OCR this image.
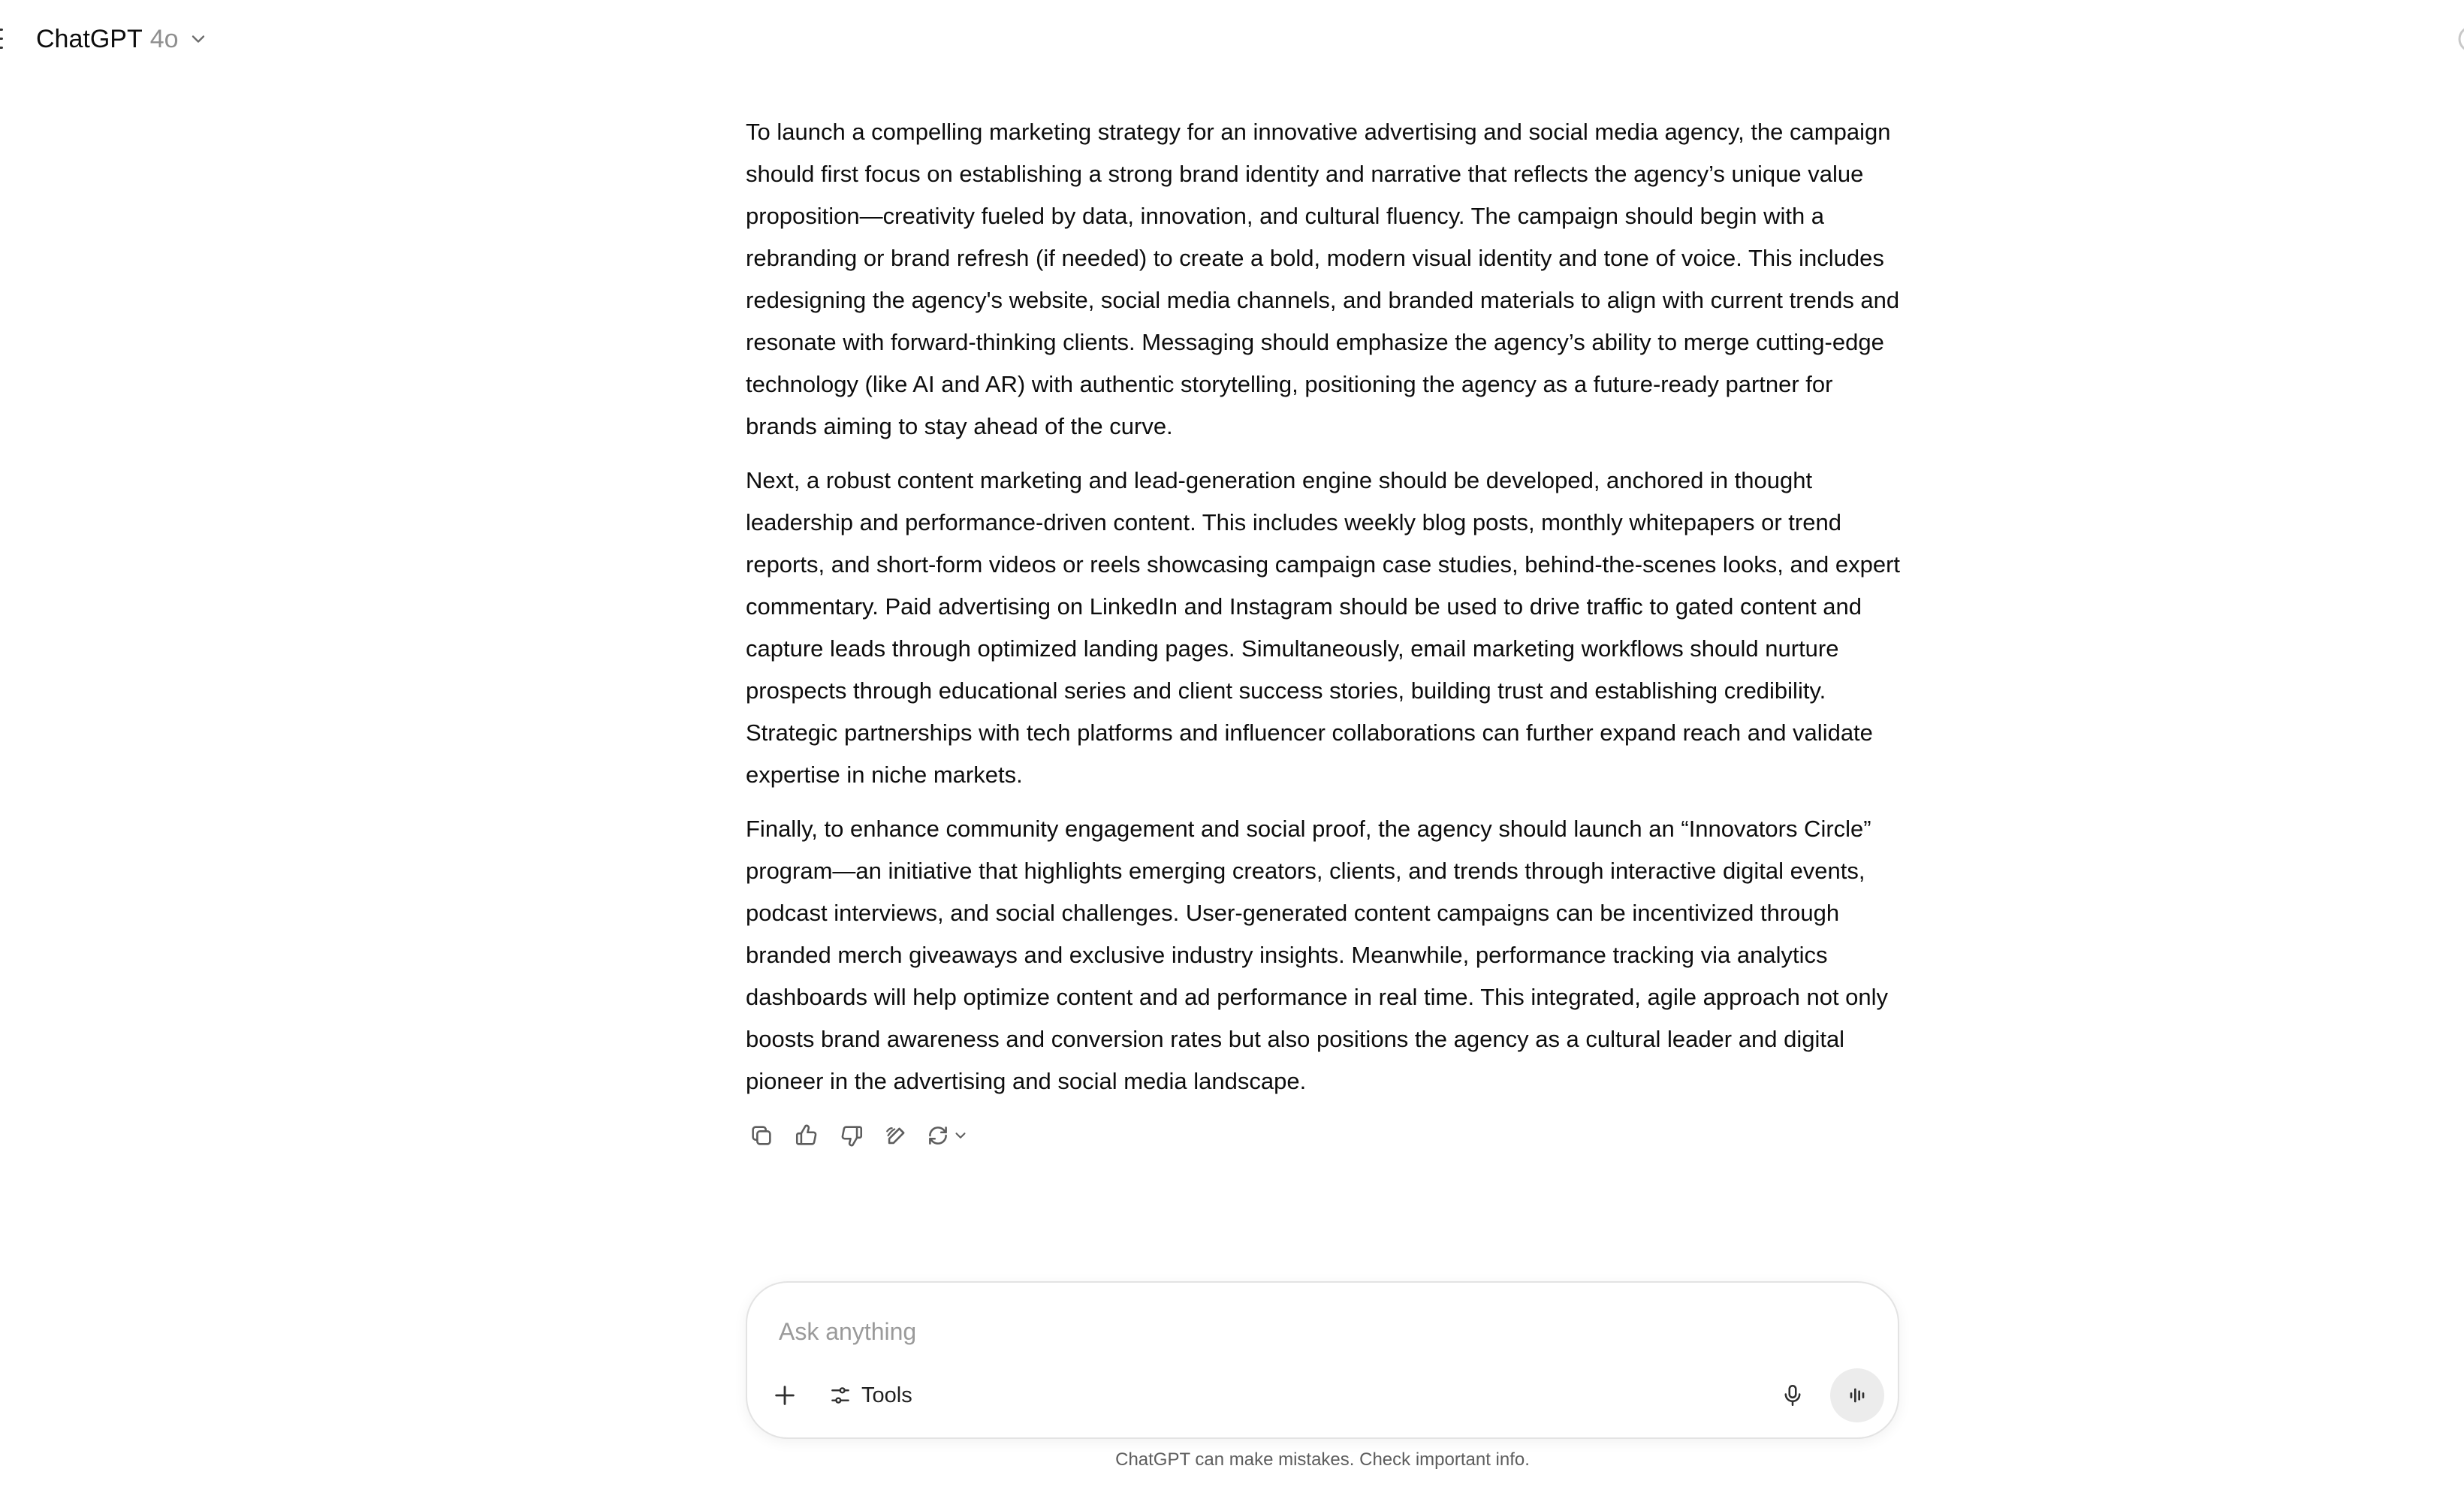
ChatGPT 4o

To launch a compelling marketing strategy for an innovative advertising and social media agency, the campaign should first focus on establishing a strong brand identity and narrative that reflects the agency’s unique value proposition—creativity fueled by data, innovation, and cultural fluency. The campaign should begin with a rebranding or brand refresh (if needed) to create a bold, modern visual identity and tone of voice. This includes redesigning the agency's website, social media channels, and branded materials to align with current trends and resonate with forward-thinking clients. Messaging should emphasize the agency’s ability to merge cutting-edge technology (like AI and AR) with authentic storytelling, positioning the agency as a future-ready partner for brands aiming to stay ahead of the curve.

Next, a robust content marketing and lead-generation engine should be developed, anchored in thought leadership and performance-driven content. This includes weekly blog posts, monthly whitepapers or trend reports, and short-form videos or reels showcasing campaign case studies, behind-the-scenes looks, and expert commentary. Paid advertising on LinkedIn and Instagram should be used to drive traffic to gated content and capture leads through optimized landing pages. Simultaneously, email marketing workflows should nurture prospects through educational series and client success stories, building trust and establishing credibility. Strategic partnerships with tech platforms and influencer collaborations can further expand reach and validate expertise in niche markets.

Finally, to enhance community engagement and social proof, the agency should launch an “Innovators Circle” program—an initiative that highlights emerging creators, clients, and trends through interactive digital events, podcast interviews, and social challenges. User-generated content campaigns can be incentivized through branded merch giveaways and exclusive industry insights. Meanwhile, performance tracking via analytics dashboards will help optimize content and ad performance in real time. This integrated, agile approach not only boosts brand awareness and conversion rates but also positions the agency as a cultural leader and digital pioneer in the advertising and social media landscape.

Ask anything
Tools
ChatGPT can make mistakes. Check important info.
